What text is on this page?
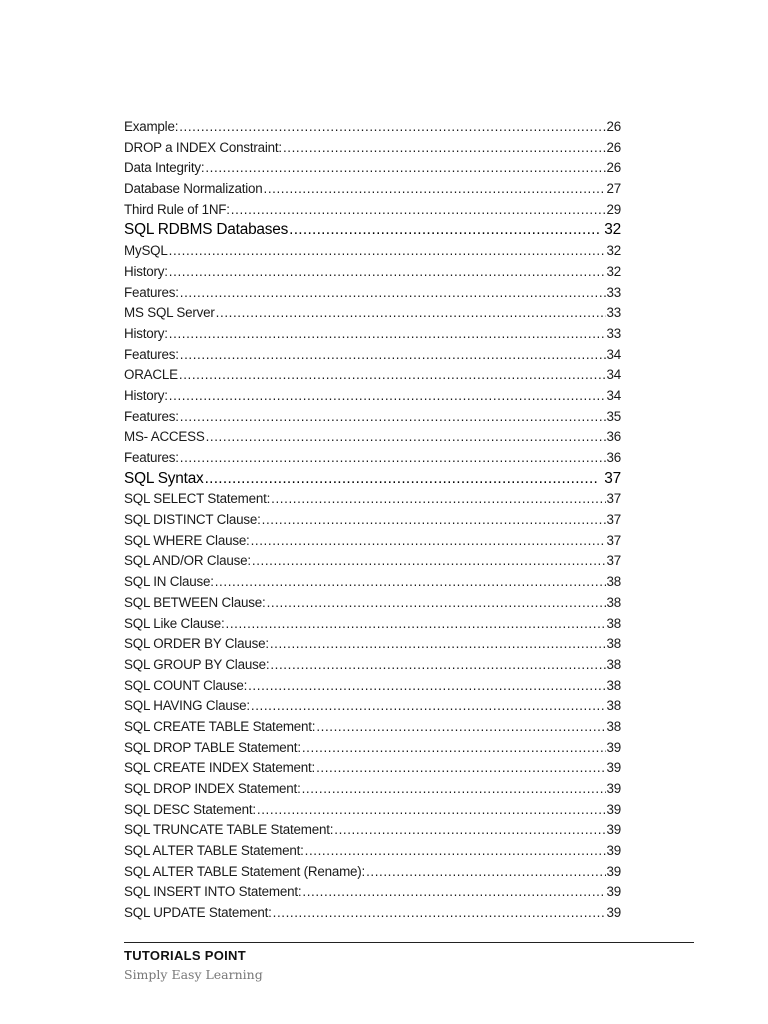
Example: .....	26
DROP a INDEX Constraint: .....	26
Data Integrity: .....	26
Database Normalization .....	27
Third Rule of 1NF: .....	29
SQL RDBMS Databases .....	32
MySQL .....	32
History: .....	32
Features: .....	33
MS SQL Server .....	33
History: .....	33
Features: .....	34
ORACLE .....	34
History: .....	34
Features: .....	35
MS- ACCESS .....	36
Features: .....	36
SQL Syntax .....	37
SQL SELECT Statement: .....	37
SQL DISTINCT Clause: .....	37
SQL WHERE Clause: .....	37
SQL AND/OR Clause: .....	37
SQL IN Clause: .....	38
SQL BETWEEN Clause: .....	38
SQL Like Clause: .....	38
SQL ORDER BY Clause: .....	38
SQL GROUP BY Clause: .....	38
SQL COUNT Clause: .....	38
SQL HAVING Clause: .....	38
SQL CREATE TABLE Statement: .....	38
SQL DROP TABLE Statement: .....	39
SQL CREATE INDEX Statement: .....	39
SQL DROP INDEX Statement: .....	39
SQL DESC Statement: .....	39
SQL TRUNCATE TABLE Statement: .....	39
SQL ALTER TABLE Statement: .....	39
SQL ALTER TABLE Statement (Rename): .....	39
SQL INSERT INTO Statement: .....	39
SQL UPDATE Statement: .....	39
TUTORIALS POINT
Simply Easy Learning
